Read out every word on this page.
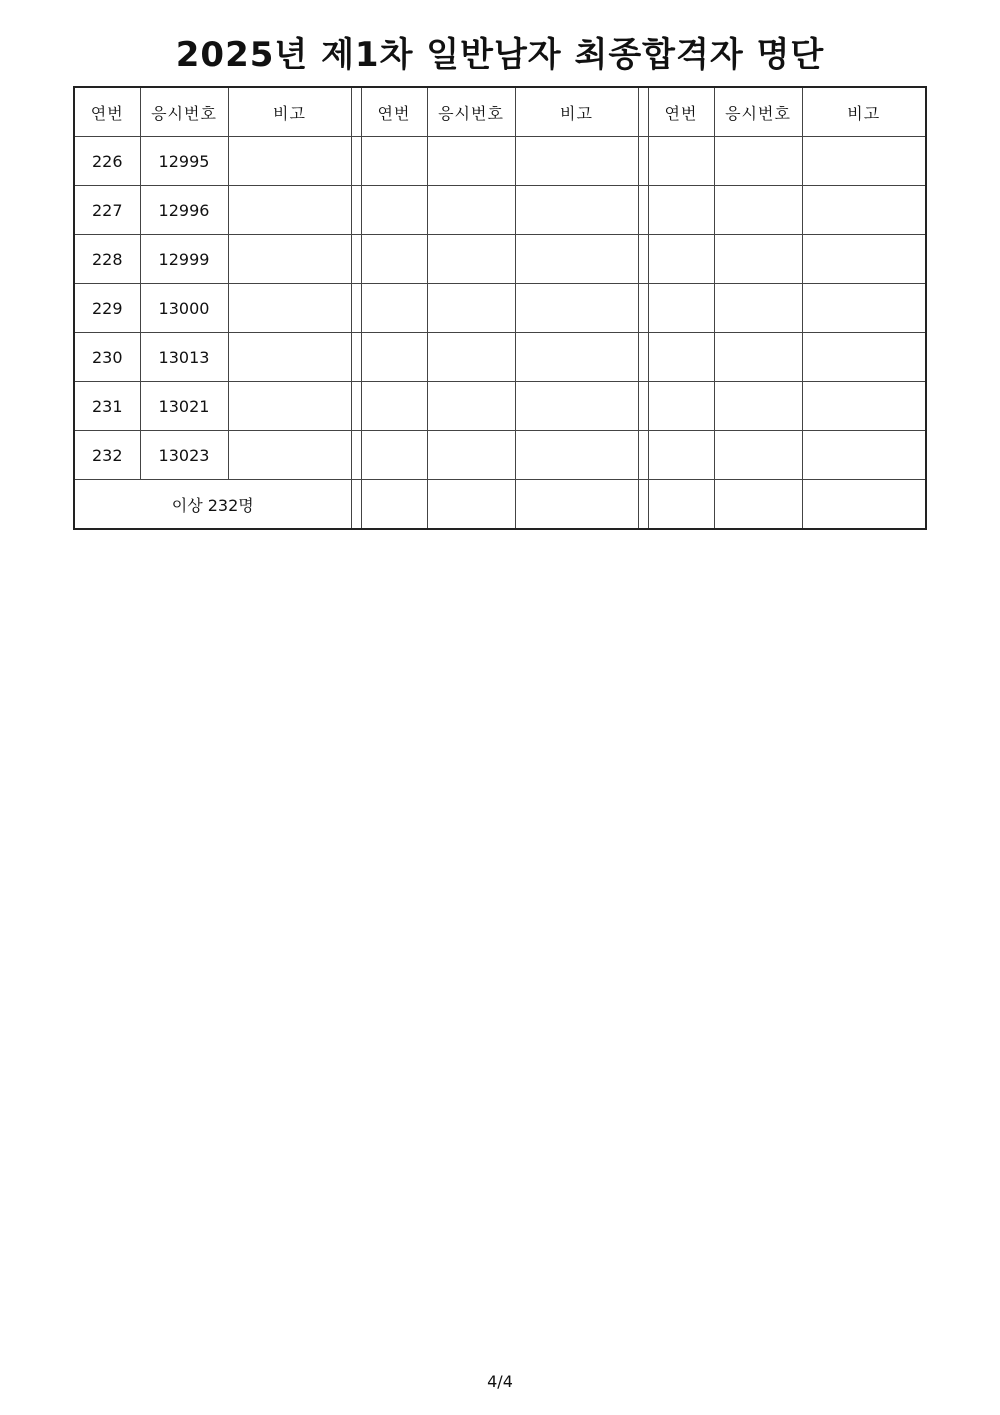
2025년 제1차 일반남자 최종합격자 명단
연번	응시번호	비고		연번	응시번호	비고		연번	응시번호	비고
226	12995									
227	12996									
228	12999									
229	13000									
230	13013									
231	13021									
232	13023									
이상 232명										
4/4
